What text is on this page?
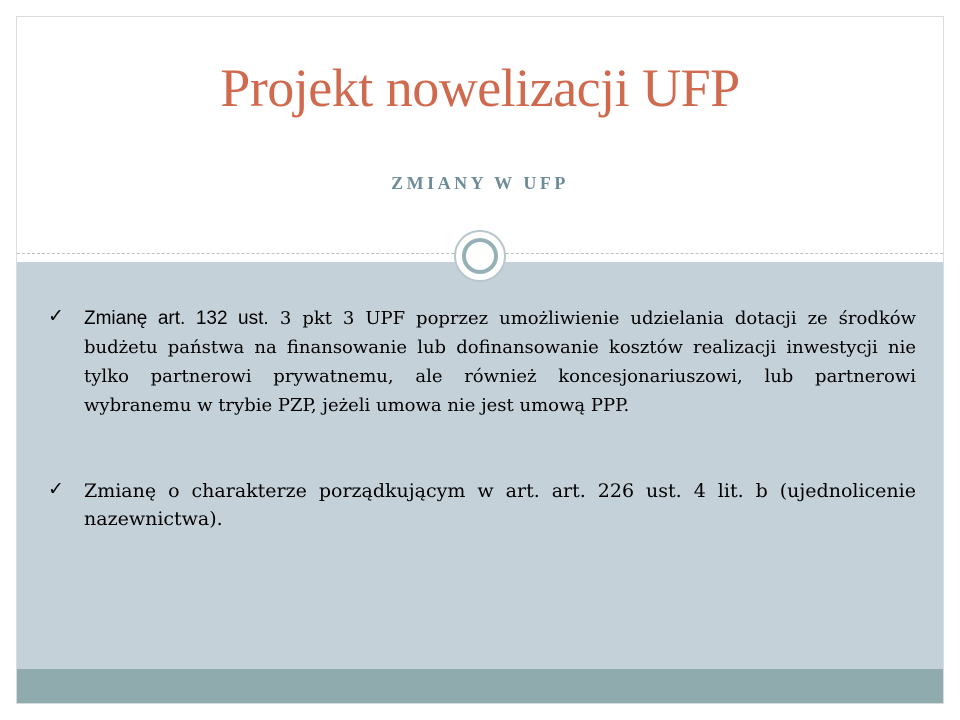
Projekt nowelizacji UFP

ZMIANY W UFP

✓ Zmianę art. 132 ust. 3 pkt 3 UPF poprzez umożliwienie udzielania dotacji ze środków budżetu państwa na finansowanie lub dofinansowanie kosztów realizacji inwestycji nie tylko partnerowi prywatnemu, ale również koncesjonariuszowi, lub partnerowi wybranemu w trybie PZP, jeżeli umowa nie jest umową PPP.

✓ Zmianę o charakterze porządkującym w art. art. 226 ust. 4 lit. b (ujednolicenie nazewnictwa).
